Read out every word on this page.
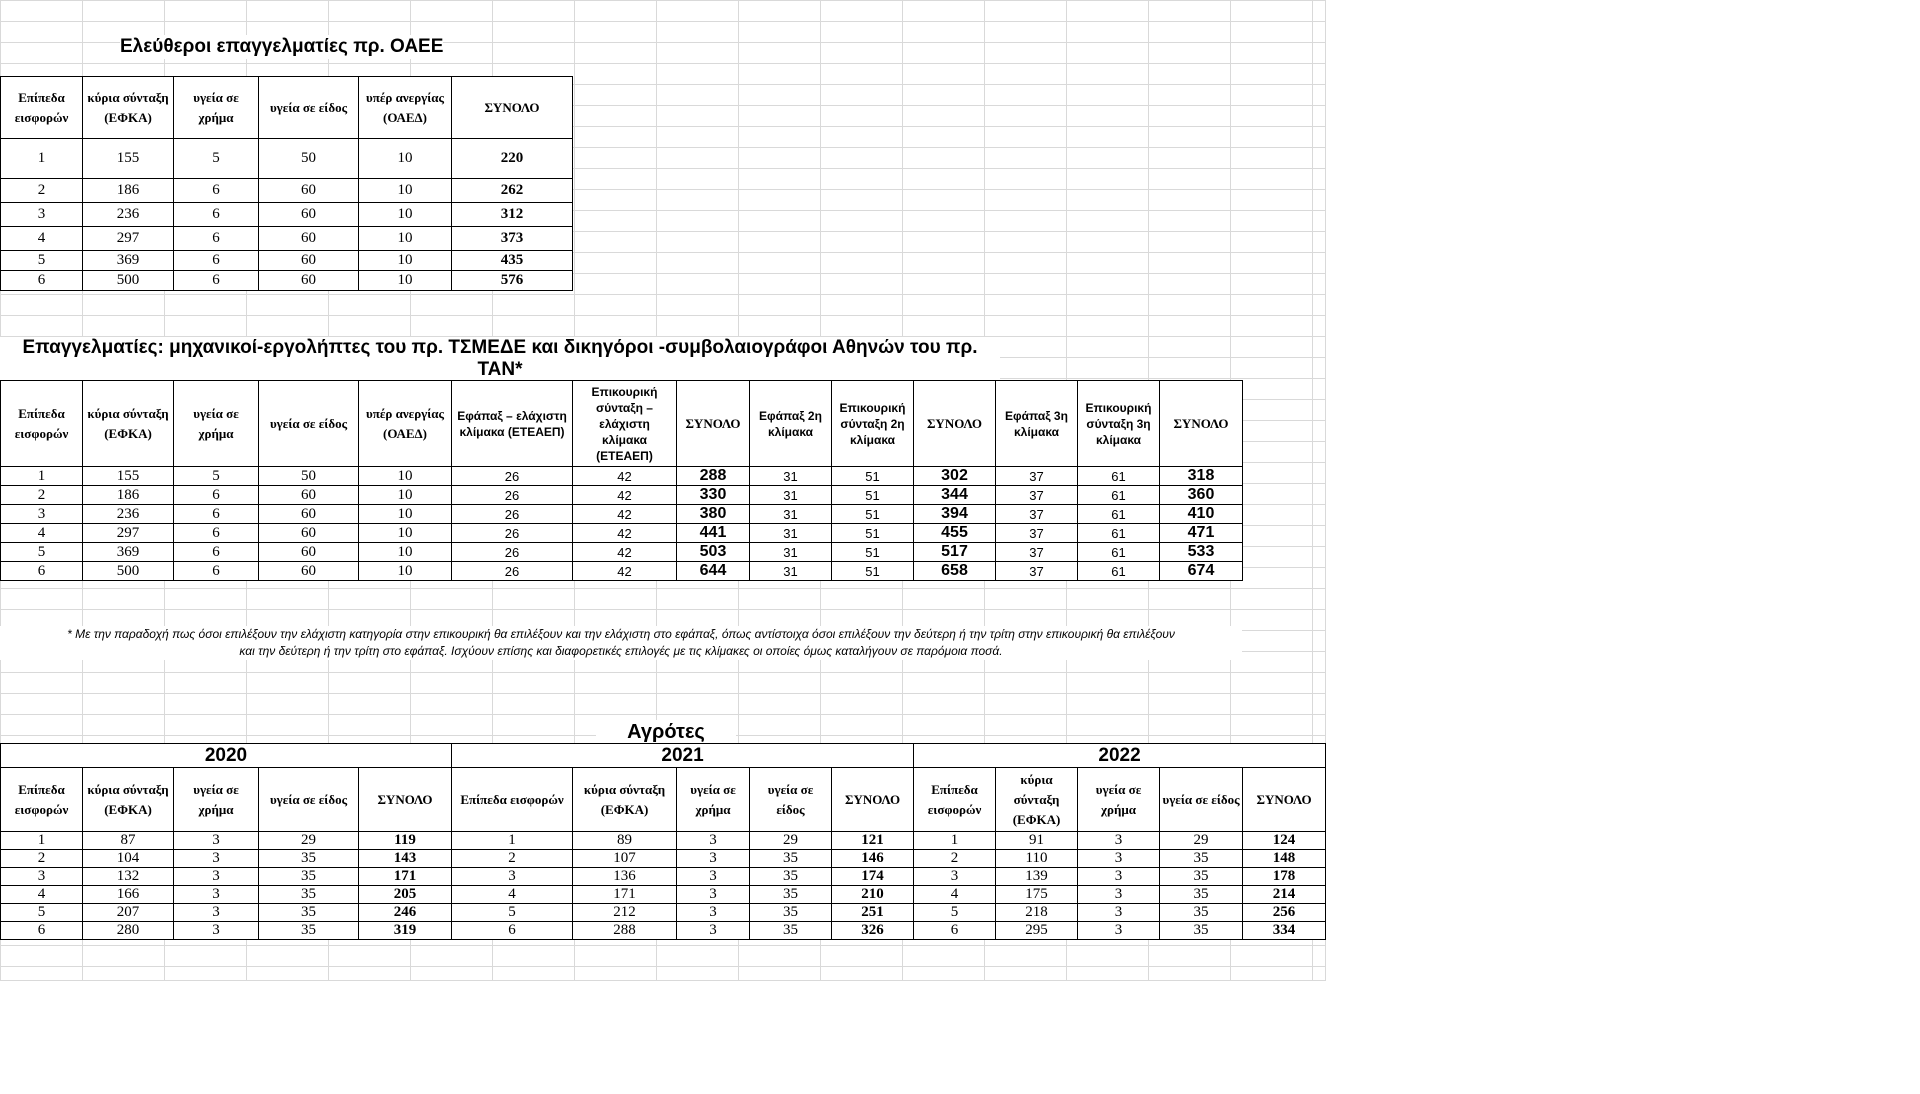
Ελεύθεροι επαγγελματίες πρ. ΟΑΕΕ
Επίπεδα εισφορών	κύρια σύνταξη (ΕΦΚΑ)	υγεία σε χρήμα	υγεία σε είδος	υπέρ ανεργίας (ΟΑΕΔ)	ΣΥΝΟΛΟ
1	155	5	50	10	220
2	186	6	60	10	262
3	236	6	60	10	312
4	297	6	60	10	373
5	369	6	60	10	435
6	500	6	60	10	576
Επαγγελματίες: μηχανικοί-εργολήπτες του πρ. ΤΣΜΕΔΕ και δικηγόροι -συμβολαιογράφοι Αθηνών του πρ. ΤΑΝ*
Επίπεδα εισφορών	κύρια σύνταξη (ΕΦΚΑ)	υγεία σε χρήμα	υγεία σε είδος	υπέρ ανεργίας (ΟΑΕΔ)	Εφάπαξ – ελάχιστη κλίμακα (ΕΤΕΑΕΠ)	Επικουρική σύνταξη – ελάχιστη κλίμακα (ΕΤΕΑΕΠ)	ΣΥΝΟΛΟ	Εφάπαξ 2η κλίμακα	Επικουρική σύνταξη 2η κλίμακα	ΣΥΝΟΛΟ	Εφάπαξ 3η κλίμακα	Επικουρική σύνταξη 3η κλίμακα	ΣΥΝΟΛΟ
1	155	5	50	10	26	42	288	31	51	302	37	61	318
2	186	6	60	10	26	42	330	31	51	344	37	61	360
3	236	6	60	10	26	42	380	31	51	394	37	61	410
4	297	6	60	10	26	42	441	31	51	455	37	61	471
5	369	6	60	10	26	42	503	31	51	517	37	61	533
6	500	6	60	10	26	42	644	31	51	658	37	61	674
* Με την παραδοχή πως όσοι επιλέξουν την ελάχιστη κατηγορία στην επικουρική θα επιλέξουν και την ελάχιστη στο εφάπαξ, όπως αντίστοιχα όσοι επιλέξουν την δεύτερη ή την τρίτη στην επικουρική θα επιλέξουν
και την δεύτερη ή την τρίτη στο εφάπαξ. Ισχύουν επίσης και διαφορετικές επιλογές με τις κλίμακες οι οποίες όμως καταλήγουν σε παρόμοια ποσά.
Αγρότες
2020					2021					2022				
Επίπεδα εισφορών	κύρια σύνταξη (ΕΦΚΑ)	υγεία σε χρήμα	υγεία σε είδος	ΣΥΝΟΛΟ	Επίπεδα εισφορών	κύρια σύνταξη (ΕΦΚΑ)	υγεία σε χρήμα	υγεία σε είδος	ΣΥΝΟΛΟ	Επίπεδα εισφορών	κύρια σύνταξη (ΕΦΚΑ)	υγεία σε χρήμα	υγεία σε είδος	ΣΥΝΟΛΟ
1	87	3	29	119	1	89	3	29	121	1	91	3	29	124
2	104	3	35	143	2	107	3	35	146	2	110	3	35	148
3	132	3	35	171	3	136	3	35	174	3	139	3	35	178
4	166	3	35	205	4	171	3	35	210	4	175	3	35	214
5	207	3	35	246	5	212	3	35	251	5	218	3	35	256
6	280	3	35	319	6	288	3	35	326	6	295	3	35	334
